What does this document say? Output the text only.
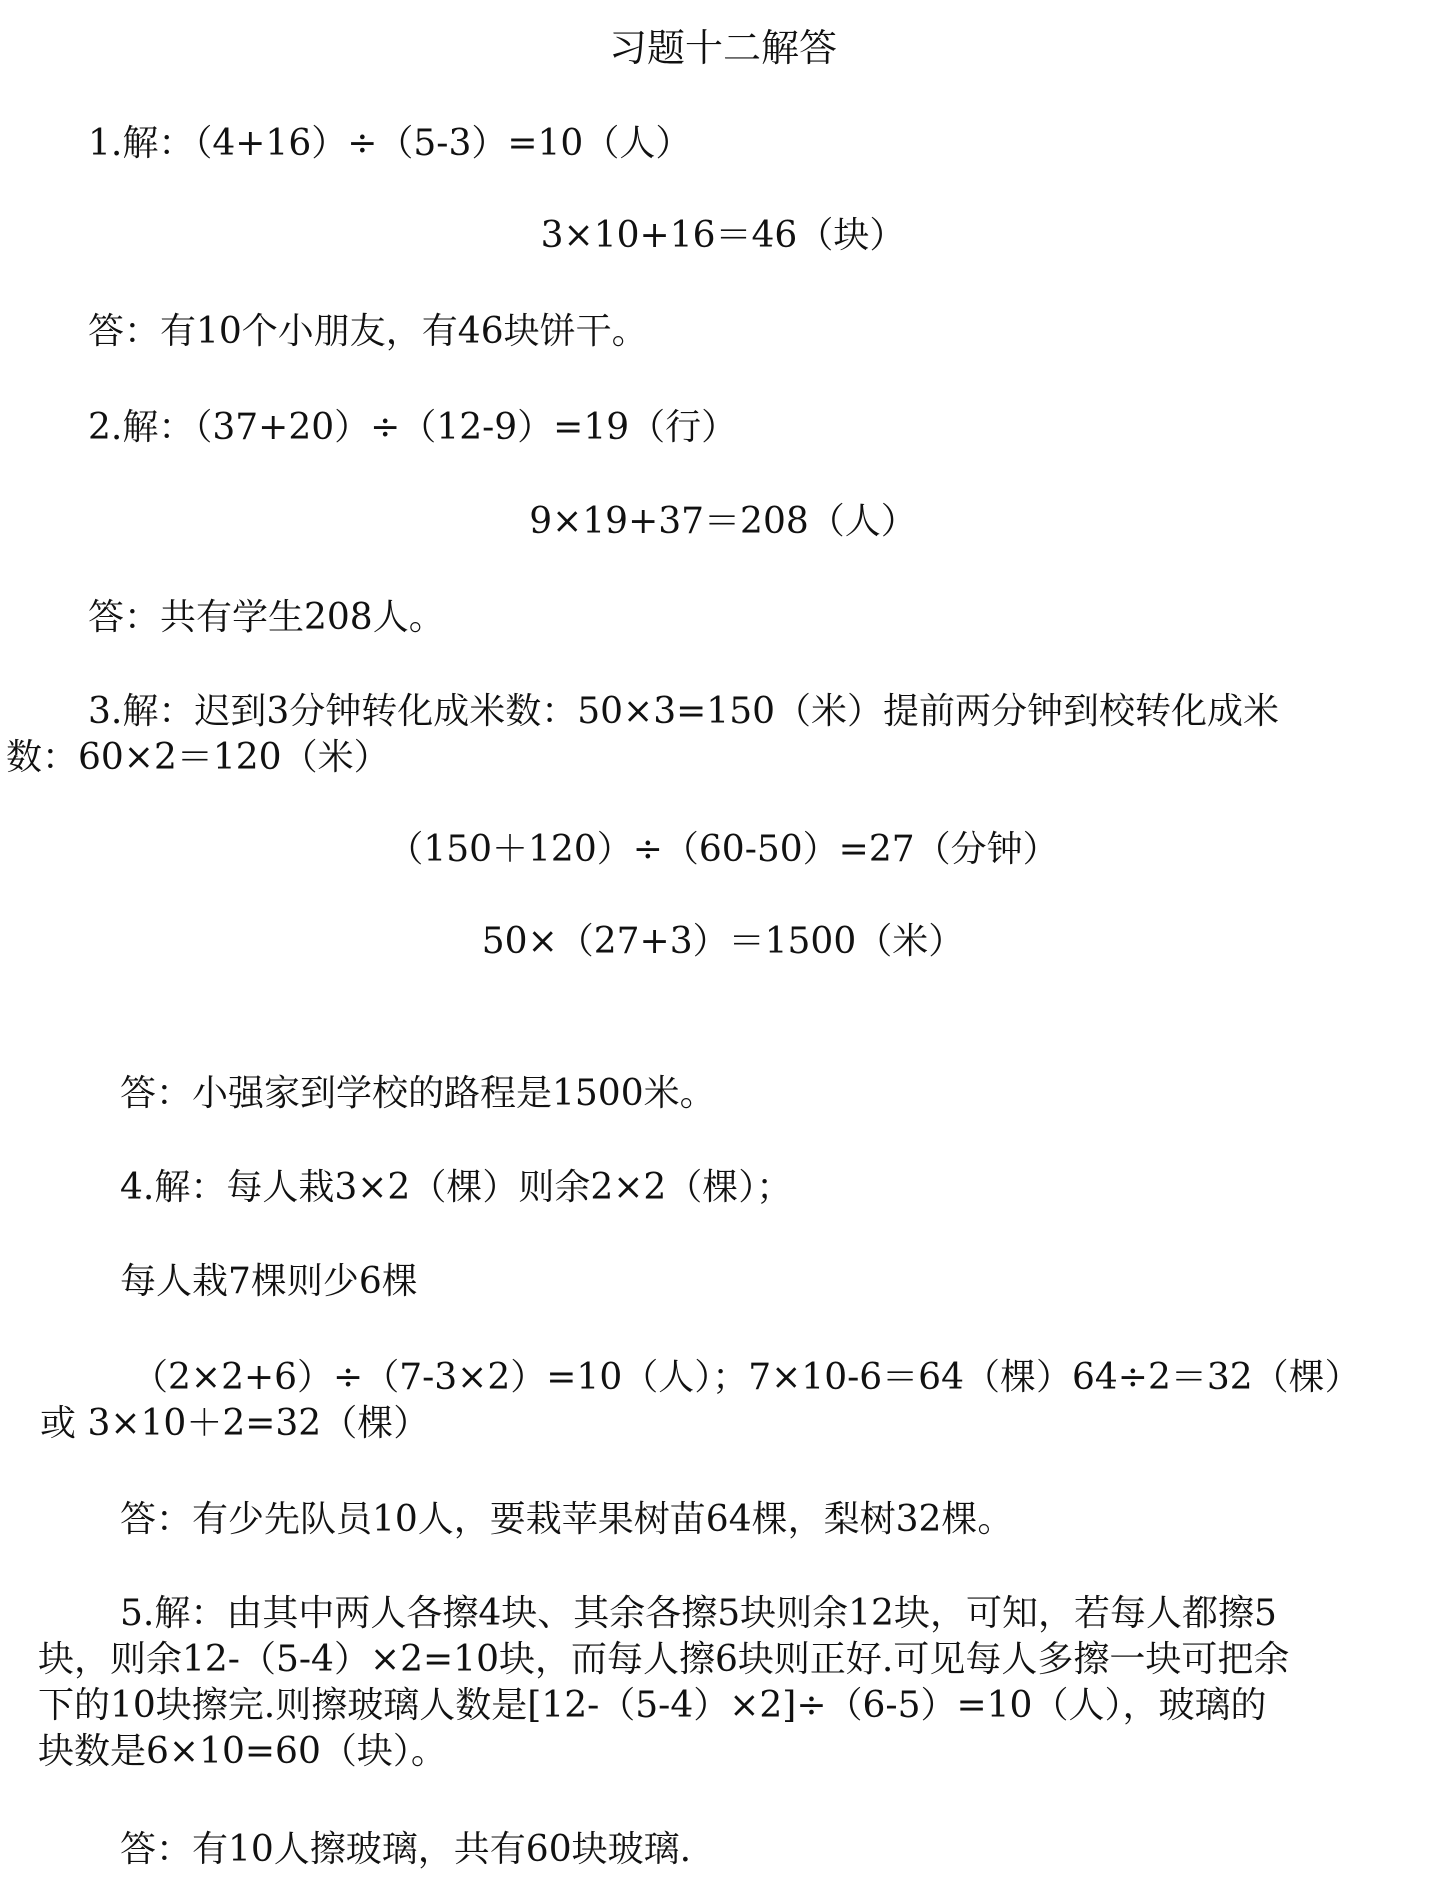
习题十二解答
1.解：（4+16）÷（5-3）=10（人）
3×10+16＝46（块）
答：有10个小朋友，有46块饼干。
2.解：（37+20）÷（12-9）=19（行）
9×19+37＝208（人）
答：共有学生208人。
3.解：迟到3分钟转化成米数：50×3=150（米）提前两分钟到校转化成米
数：60×2＝120（米）
（150＋120）÷（60-50）=27（分钟）
50×（27+3）＝1500（米）
答：小强家到学校的路程是1500米。
4.解：每人栽3×2（棵）则余2×2（棵）；
每人栽7棵则少6棵
（2×2+6）÷（7-3×2）=10（人）；7×10-6＝64（棵）64÷2＝32（棵）
或 3×10＋2=32（棵）
答：有少先队员10人，要栽苹果树苗64棵，梨树32棵。
5.解：由其中两人各擦4块、其余各擦5块则余12块，可知，若每人都擦5
块，则余12-（5-4）×2=10块，而每人擦6块则正好.可见每人多擦一块可把余
下的10块擦完.则擦玻璃人数是[12-（5-4）×2]÷（6-5）=10（人），玻璃的
块数是6×10=60（块）。
答：有10人擦玻璃，共有60块玻璃.
